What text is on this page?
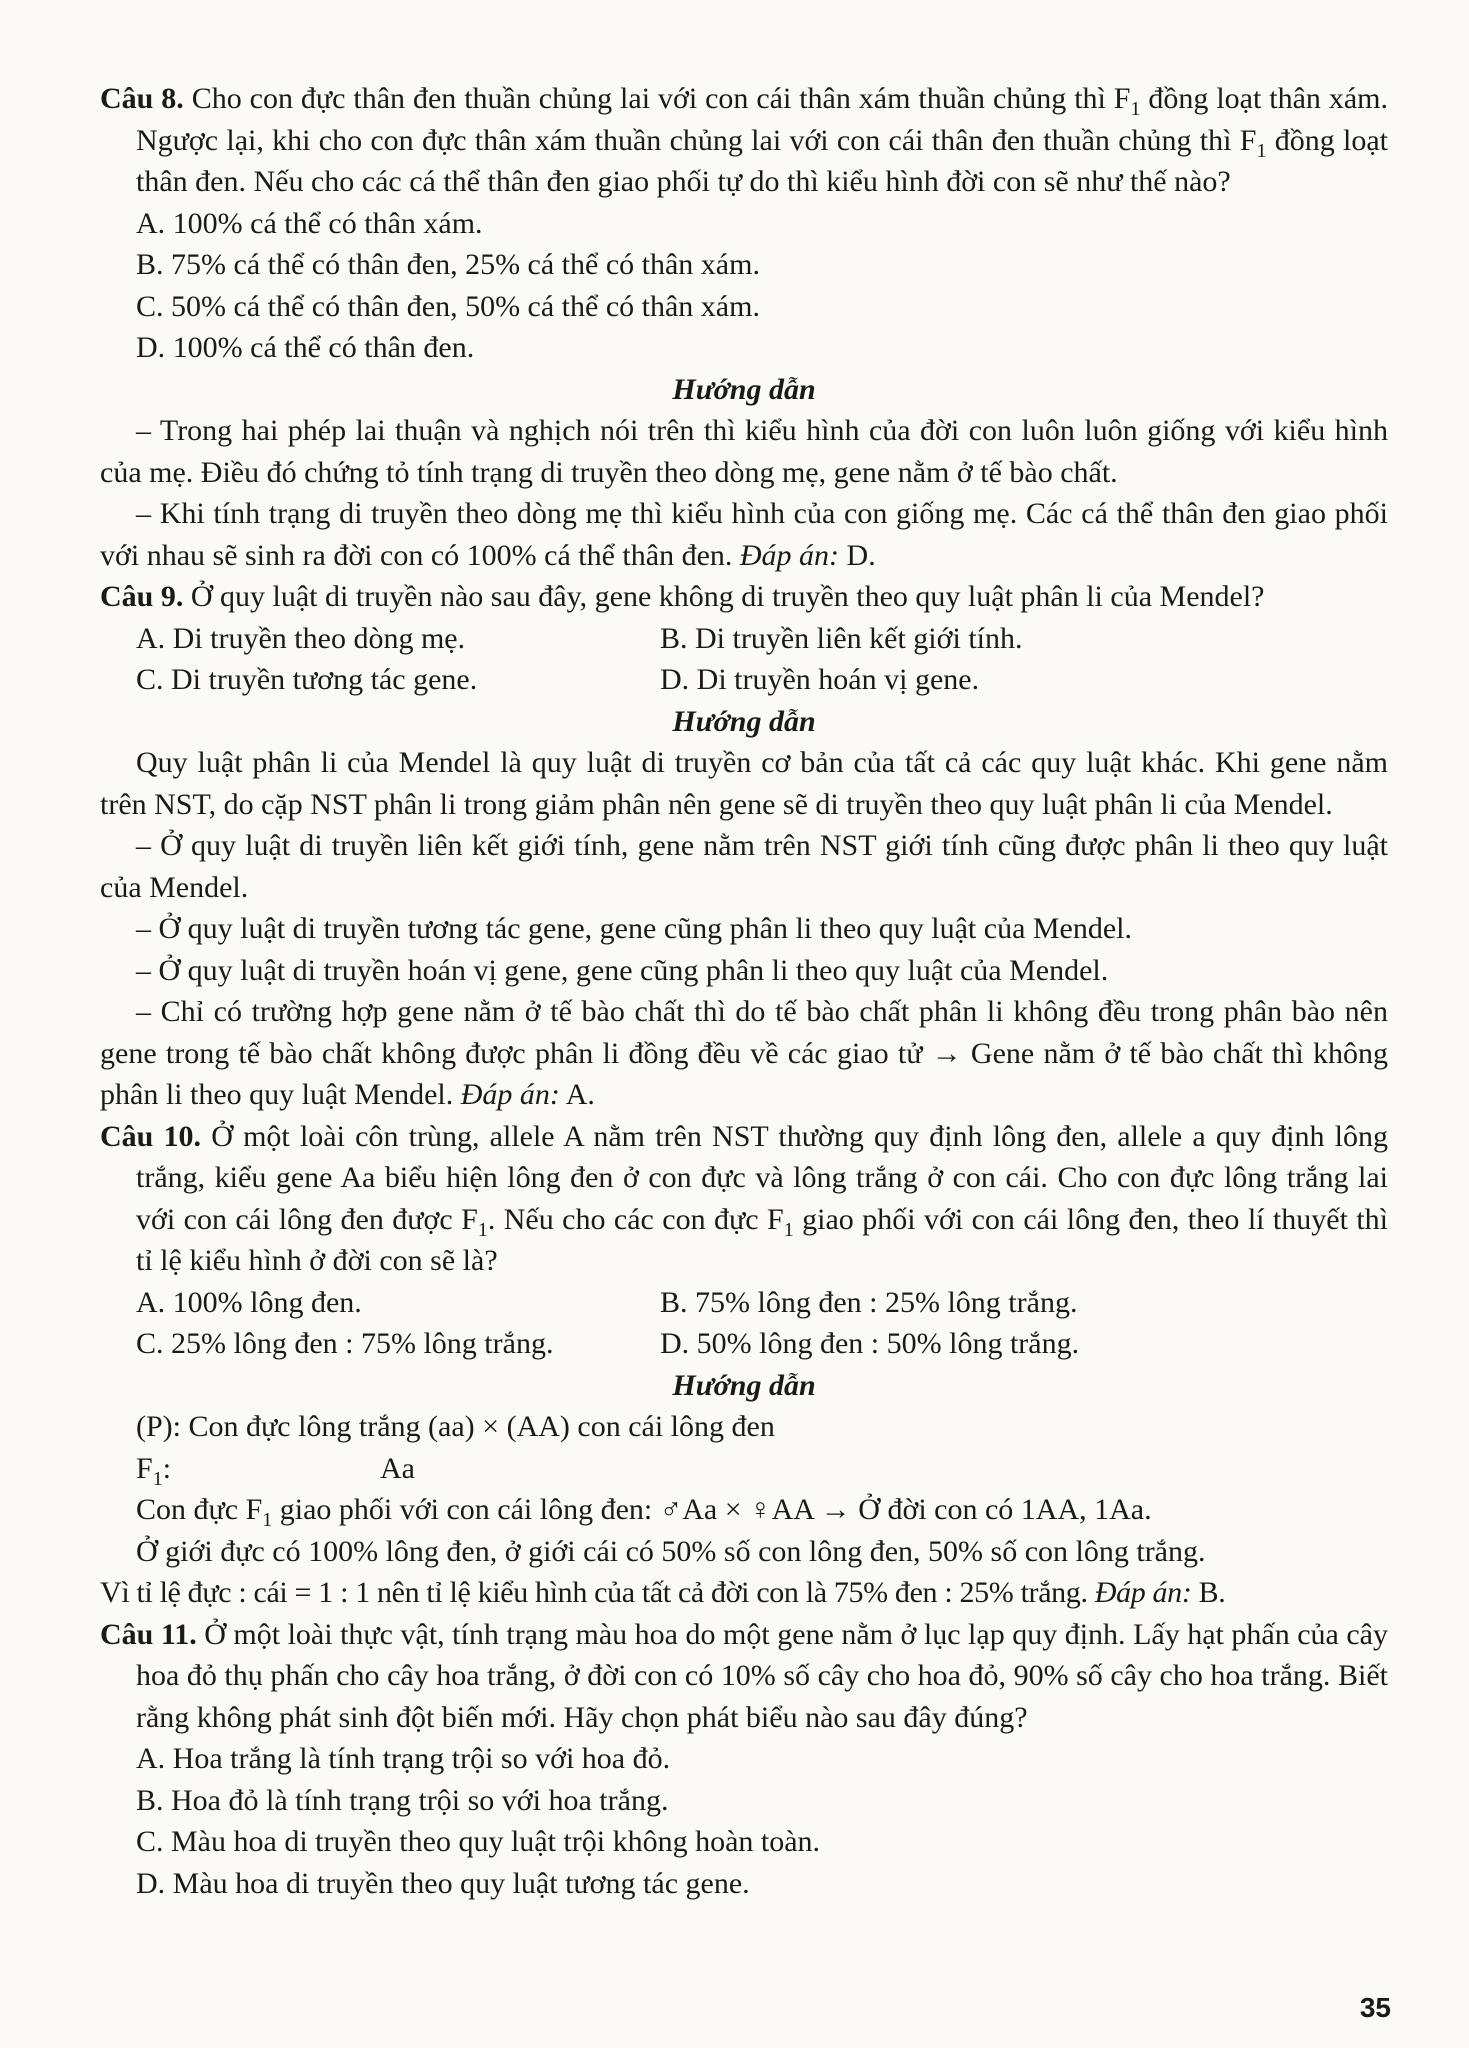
Câu 8. Cho con đực thân đen thuần chủng lai với con cái thân xám thuần chủng thì $F_1$ đồng loạt thân xám. Ngược lại, khi cho con đực thân xám thuần chủng lai với con cái thân đen thuần chủng thì $F_1$ đồng loạt thân đen. Nếu cho các cá thể thân đen giao phối tự do thì kiểu hình đời con sẽ như thế nào?

A. 100% cá thể có thân xám.

B. 75% cá thể có thân đen, 25% cá thể có thân xám.

C. 50% cá thể có thân đen, 50% cá thể có thân xám.

D. 100% cá thể có thân đen.

Hướng dẫn

– Trong hai phép lai thuận và nghịch nói trên thì kiểu hình của đời con luôn luôn giống với kiểu hình của mẹ. Điều đó chứng tỏ tính trạng di truyền theo dòng mẹ, gene nằm ở tế bào chất.

– Khi tính trạng di truyền theo dòng mẹ thì kiểu hình của con giống mẹ. Các cá thể thân đen giao phối với nhau sẽ sinh ra đời con có 100% cá thể thân đen. Đáp án: D.

Câu 9. Ở quy luật di truyền nào sau đây, gene không di truyền theo quy luật phân li của Mendel?

A. Di truyền theo dòng mẹ.	B. Di truyền liên kết giới tính.
C. Di truyền tương tác gene.	D. Di truyền hoán vị gene.

Hướng dẫn

Quy luật phân li của Mendel là quy luật di truyền cơ bản của tất cả các quy luật khác. Khi gene nằm trên NST, do cặp NST phân li trong giảm phân nên gene sẽ di truyền theo quy luật phân li của Mendel.

– Ở quy luật di truyền liên kết giới tính, gene nằm trên NST giới tính cũng được phân li theo quy luật của Mendel.

– Ở quy luật di truyền tương tác gene, gene cũng phân li theo quy luật của Mendel.

– Ở quy luật di truyền hoán vị gene, gene cũng phân li theo quy luật của Mendel.

– Chỉ có trường hợp gene nằm ở tế bào chất thì do tế bào chất phân li không đều trong phân bào nên gene trong tế bào chất không được phân li đồng đều về các giao tử → Gene nằm ở tế bào chất thì không phân li theo quy luật Mendel. Đáp án: A.

Câu 10. Ở một loài côn trùng, allele A nằm trên NST thường quy định lông đen, allele a quy định lông trắng, kiểu gene Aa biểu hiện lông đen ở con đực và lông trắng ở con cái. Cho con đực lông trắng lai với con cái lông đen được $F_1$. Nếu cho các con đực $F_1$ giao phối với con cái lông đen, theo lí thuyết thì tỉ lệ kiểu hình ở đời con sẽ là?

A. 100% lông đen.	B. 75% lông đen : 25% lông trắng.
C. 25% lông đen : 75% lông trắng.	D. 50% lông đen : 50% lông trắng.

Hướng dẫn

(P): Con đực lông trắng (aa) × (AA) con cái lông đen

$F_1$:	Aa

Con đực $F_1$ giao phối với con cái lông đen: ♂Aa × ♀AA → Ở đời con có 1AA, 1Aa.

Ở giới đực có 100% lông đen, ở giới cái có 50% số con lông đen, 50% số con lông trắng.

Vì tỉ lệ đực : cái = 1 : 1 nên tỉ lệ kiểu hình của tất cả đời con là 75% đen : 25% trắng. Đáp án: B.

Câu 11. Ở một loài thực vật, tính trạng màu hoa do một gene nằm ở lục lạp quy định. Lấy hạt phấn của cây hoa đỏ thụ phấn cho cây hoa trắng, ở đời con có 10% số cây cho hoa đỏ, 90% số cây cho hoa trắng. Biết rằng không phát sinh đột biến mới. Hãy chọn phát biểu nào sau đây đúng?

A. Hoa trắng là tính trạng trội so với hoa đỏ.

B. Hoa đỏ là tính trạng trội so với hoa trắng.

C. Màu hoa di truyền theo quy luật trội không hoàn toàn.

D. Màu hoa di truyền theo quy luật tương tác gene.

35
